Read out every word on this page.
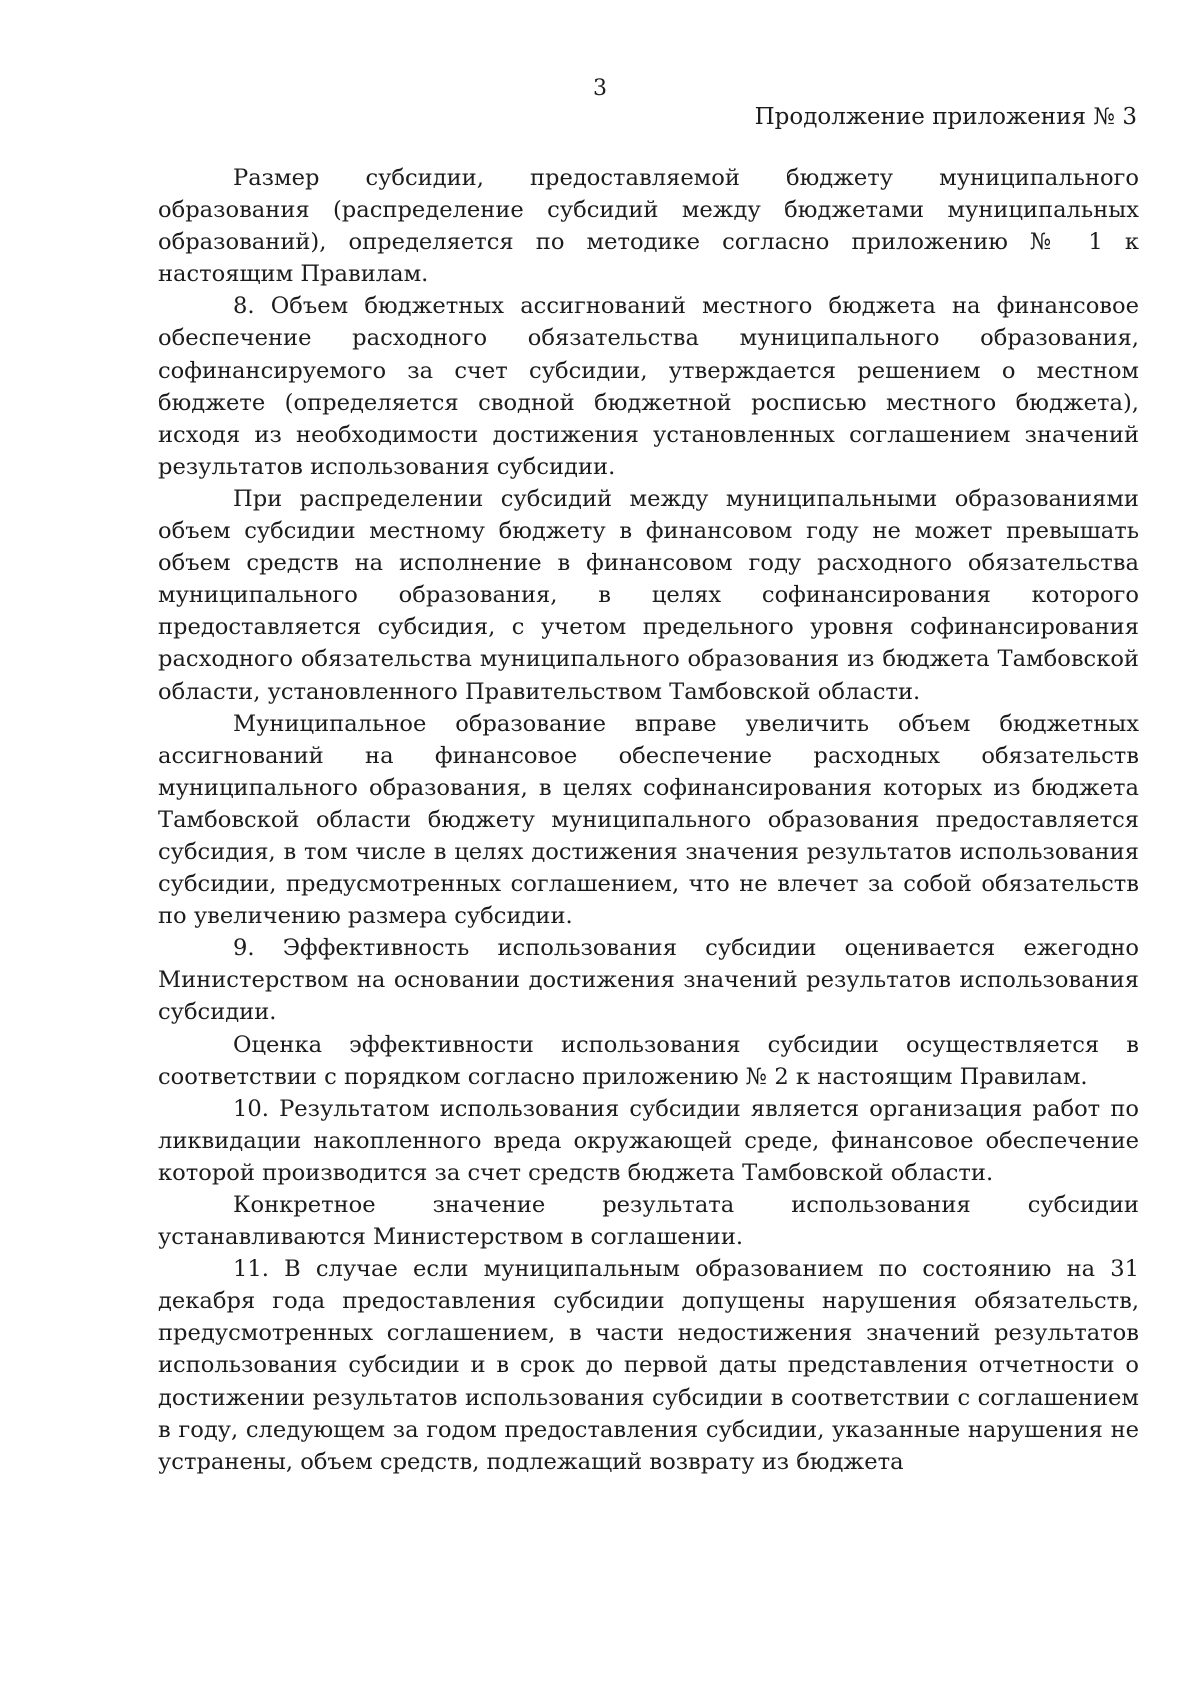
3
Продолжение приложения № 3

Размер субсидии, предоставляемой бюджету муниципального образования (распределение субсидий между бюджетами муниципальных образований), определяется по методике согласно приложению № 1 к настоящим Правилам.

8. Объем бюджетных ассигнований местного бюджета на финансовое обеспечение расходного обязательства муниципального образования, софинансируемого за счет субсидии, утверждается решением о местном бюджете (определяется сводной бюджетной росписью местного бюджета), исходя из необходимости достижения установленных соглашением значений результатов использования субсидии.

При распределении субсидий между муниципальными образованиями объем субсидии местному бюджету в финансовом году не может превышать объем средств на исполнение в финансовом году расходного обязательства муниципального образования, в целях софинансирования которого предоставляется субсидия, с учетом предельного уровня софинансирования расходного обязательства муниципального образования из бюджета Тамбовской области, установленного Правительством Тамбовской области.

Муниципальное образование вправе увеличить объем бюджетных ассигнований на финансовое обеспечение расходных обязательств муниципального образования, в целях софинансирования которых из бюджета Тамбовской области бюджету муниципального образования предоставляется субсидия, в том числе в целях достижения значения результатов использования субсидии, предусмотренных соглашением, что не влечет за собой обязательств по увеличению размера субсидии.

9. Эффективность использования субсидии оценивается ежегодно Министерством на основании достижения значений результатов использования субсидии.

Оценка эффективности использования субсидии осуществляется в соответствии с порядком согласно приложению № 2 к настоящим Правилам.

10. Результатом использования субсидии является организация работ по ликвидации накопленного вреда окружающей среде, финансовое обеспечение которой производится за счет средств бюджета Тамбовской области.

Конкретное значение результата использования субсидии устанавливаются Министерством в соглашении.

11. В случае если муниципальным образованием по состоянию на 31 декабря года предоставления субсидии допущены нарушения обязательств, предусмотренных соглашением, в части недостижения значений результатов использования субсидии и в срок до первой даты представления отчетности о достижении результатов использования субсидии в соответствии с соглашением в году, следующем за годом предоставления субсидии, указанные нарушения не устранены, объем средств, подлежащий возврату из бюджета
